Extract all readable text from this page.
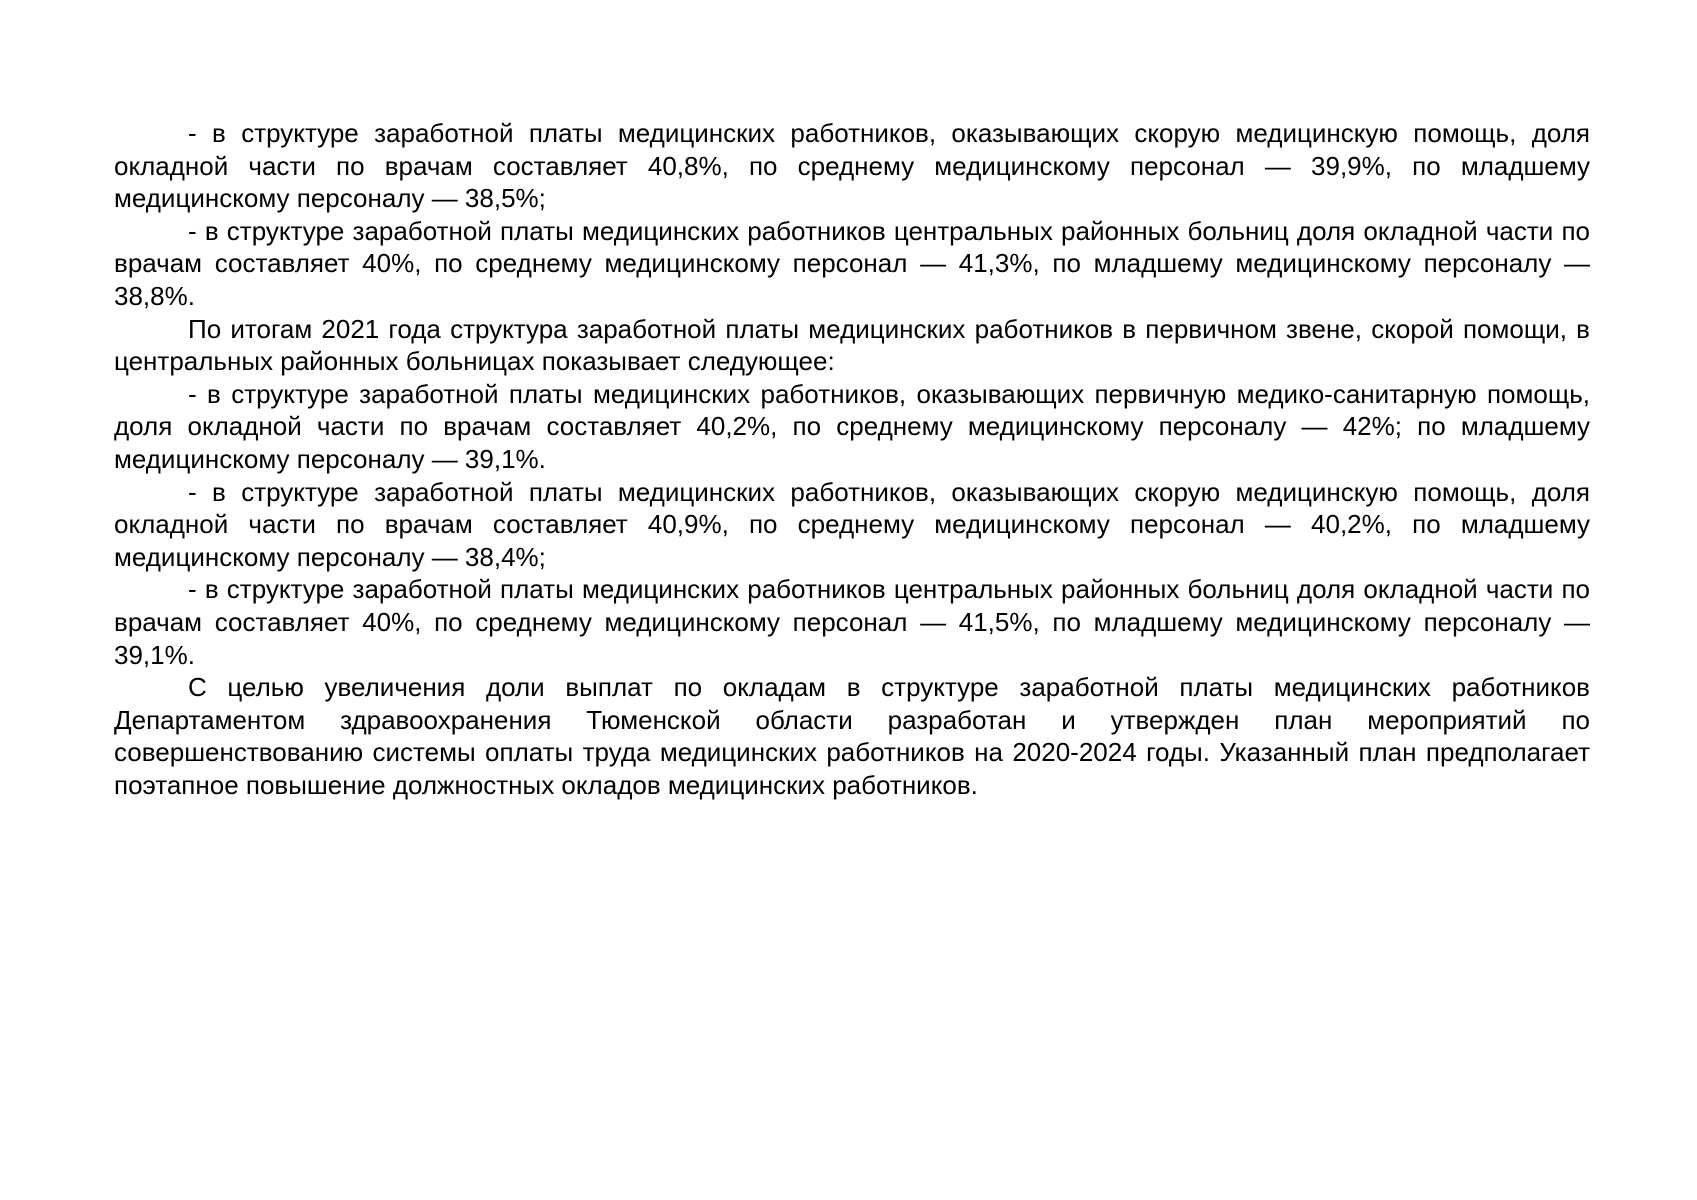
- в структуре заработной платы медицинских работников, оказывающих скорую медицинскую помощь, доля окладной части по врачам составляет 40,8%, по среднему медицинскому персонал — 39,9%, по младшему медицинскому персоналу — 38,5%;

- в структуре заработной платы медицинских работников центральных районных больниц доля окладной части по врачам составляет 40%, по среднему медицинскому персонал — 41,3%, по младшему медицинскому персоналу — 38,8%.

По итогам 2021 года структура заработной платы медицинских работников в первичном звене, скорой помощи, в центральных районных больницах показывает следующее:

- в структуре заработной платы медицинских работников, оказывающих первичную медико-санитарную помощь, доля окладной части по врачам составляет 40,2%, по среднему медицинскому персоналу — 42%; по младшему медицинскому персоналу — 39,1%.

- в структуре заработной платы медицинских работников, оказывающих скорую медицинскую помощь, доля окладной части по врачам составляет 40,9%, по среднему медицинскому персонал — 40,2%, по младшему медицинскому персоналу — 38,4%;

- в структуре заработной платы медицинских работников центральных районных больниц доля окладной части по врачам составляет 40%, по среднему медицинскому персонал — 41,5%, по младшему медицинскому персоналу — 39,1%.

С целью увеличения доли выплат по окладам в структуре заработной платы медицинских работников Департаментом здравоохранения Тюменской области разработан и утвержден план мероприятий по совершенствованию системы оплаты труда медицинских работников на 2020-2024 годы. Указанный план предполагает поэтапное повышение должностных окладов медицинских работников.
